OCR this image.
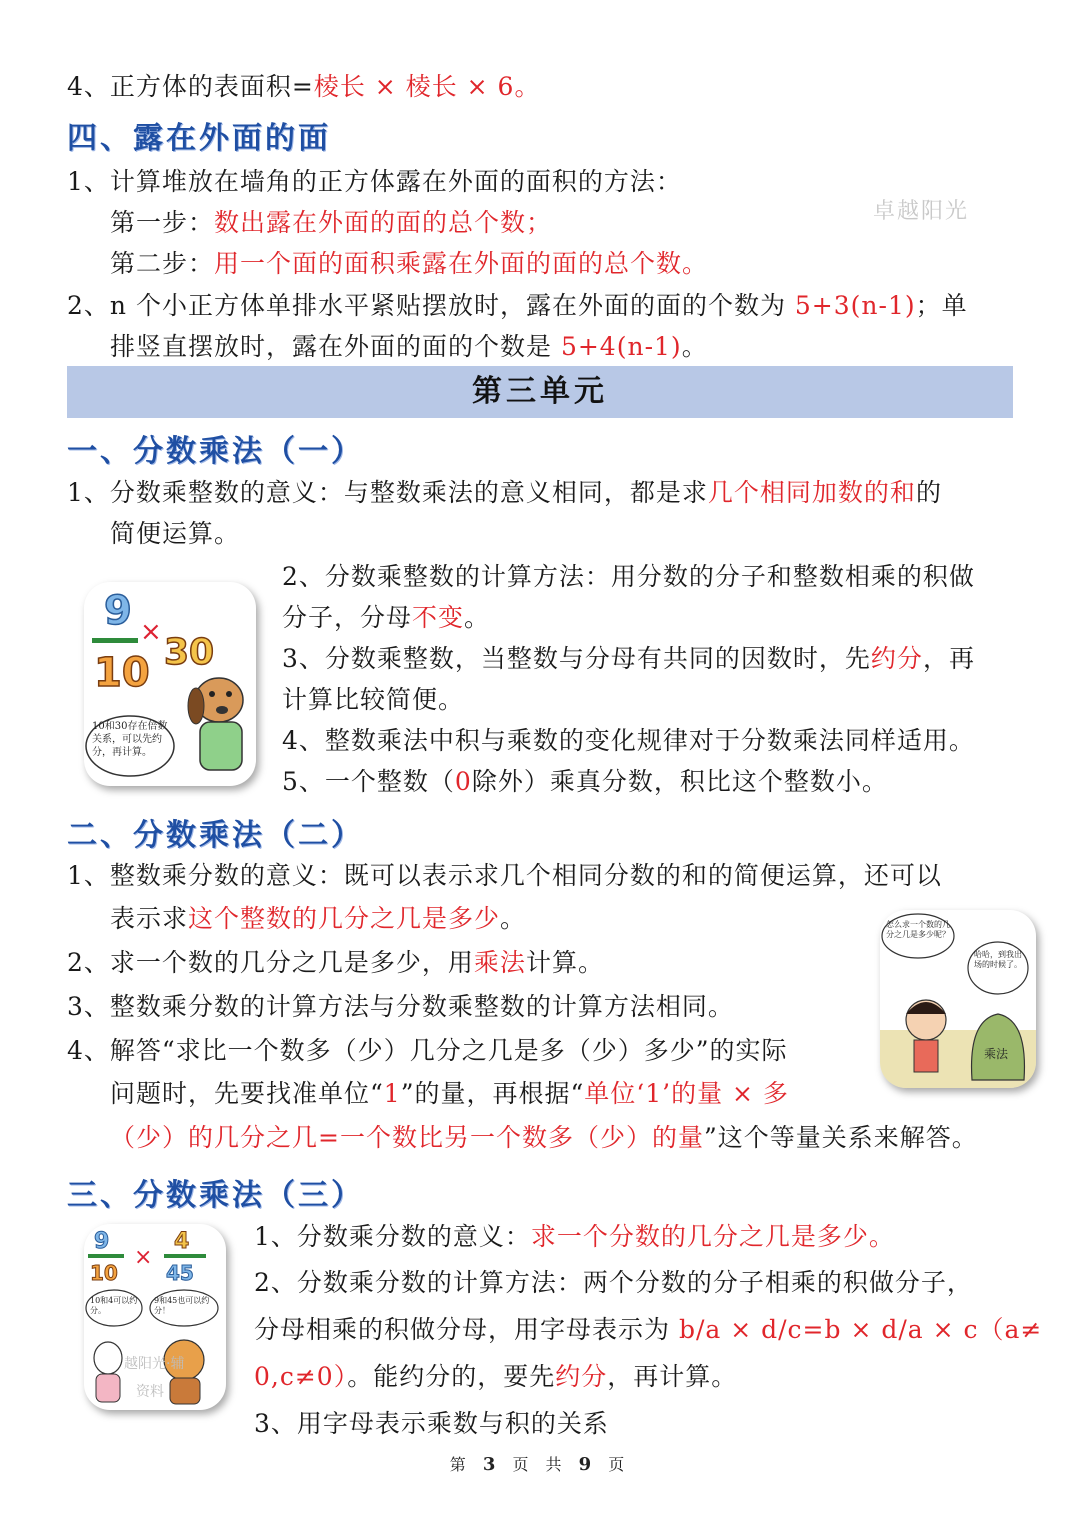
4、正方体的表面积=棱长 × 棱长 × 6。
四、露在外面的面
1、计算堆放在墙角的正方体露在外面的面积的方法：
第一步：数出露在外面的面的总个数；	卓越阳光
第二步：用一个面的面积乘露在外面的面的总个数。
2、n 个小正方体单排水平紧贴摆放时，露在外面的面的个数为 5+3(n-1)；单
排竖直摆放时，露在外面的面的个数是 5+4(n-1)。
第三单元
一、分数乘法（一）
1、分数乘整数的意义：与整数乘法的意义相同，都是求几个相同加数的和的
简便运算。
9
10
× 30
10和30存在倍数关系，可以先约分，再计算。
2、分数乘整数的计算方法：用分数的分子和整数相乘的积做
分子，分母不变。
3、分数乘整数，当整数与分母有共同的因数时，先约分，再
计算比较简便。
4、整数乘法中积与乘数的变化规律对于分数乘法同样适用。
5、一个整数（0除外）乘真分数，积比这个整数小。
二、分数乘法（二）
1、整数乘分数的意义：既可以表示求几个相同分数的和的简便运算，还可以
表示求这个整数的几分之几是多少。
2、求一个数的几分之几是多少，用乘法计算。
3、整数乘分数的计算方法与分数乘整数的计算方法相同。
4、解答“求比一个数多（少）几分之几是多（少）多少”的实际
问题时，先要找准单位“1”的量，再根据“单位‘1’的量 × 多
（少）的几分之几=一个数比另一个数多（少）的量”这个等量关系来解答。
怎么求一个数的几分之几是多少呢？
哈哈，到我出场的时候了。
乘法
三、分数乘法（三）
9
10
×
4
45
10和4可以约分。
9和45也可以约分！
越阳光·辅
资料
1、分数乘分数的意义：求一个分数的几分之几是多少。
2、分数乘分数的计算方法：两个分数的分子相乘的积做分子，
分母相乘的积做分母，用字母表示为 b/a × d/c=b × d/a × c（a≠
0,c≠0）。能约分的，要先约分，再计算。
3、用字母表示乘数与积的关系
第 3 页 共 9 页
